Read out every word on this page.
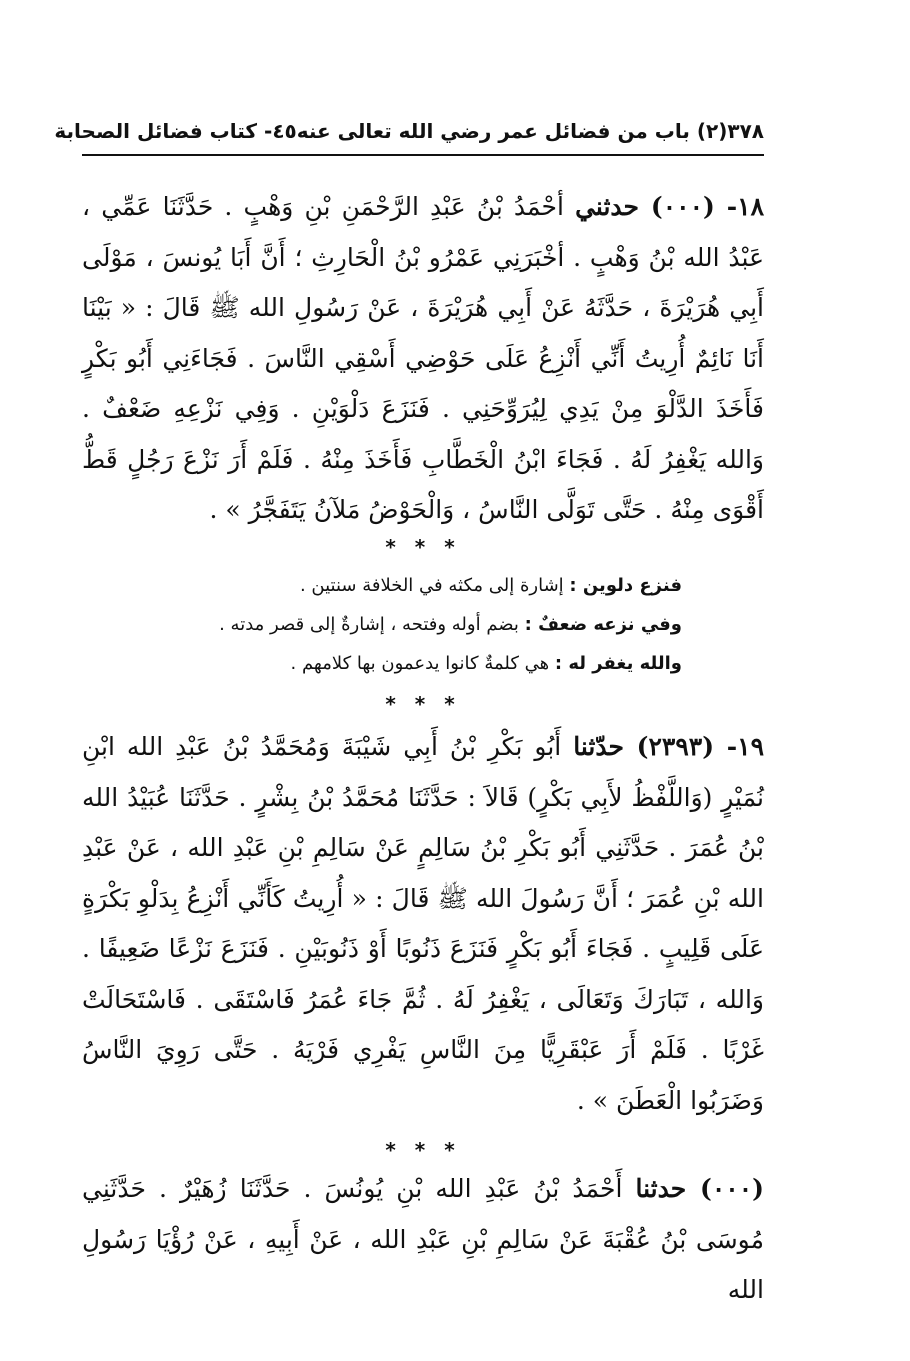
٣٧٨
(٢) باب من فضائل عمر رضي الله تعالى عنه
٤٥- كتاب فضائل الصحابة
١٨- (٠٠٠) حدثني أحْمَدُ بْنُ عَبْدِ الرَّحْمَنِ بْنِ وَهْبٍ . حَدَّثَنَا عَمِّي ، عَبْدُ الله بْنُ وَهْبٍ . أخْبَرَنِي عَمْرُو بْنُ الْحَارِثِ ؛ أَنَّ أَبَا يُونسَ ، مَوْلَى أَبِي هُرَيْرَةَ ، حَدَّثَهُ عَنْ أَبِي هُرَيْرَةَ ، عَنْ رَسُولِ الله ﷺ قَالَ : « بَيْنَا أَنَا نَائِمٌ أُرِيتُ أَنِّي أَنْزِعُ عَلَى حَوْضِي أَسْقِي النَّاسَ . فَجَاءَنِي أَبُو بَكْرٍ فَأَخَذَ الدَّلْوَ مِنْ يَدِي لِيُرَوِّحَنِي . فَنَزَعَ دَلْوَيْنِ . وَفِي نَزْعِهِ ضَعْفٌ . وَالله يَغْفِرُ لَهُ . فَجَاءَ ابْنُ الْخَطَّابِ فَأَخَذَ مِنْهُ . فَلَمْ أَرَ نَزْعَ رَجُلٍ قَطُّ أَقْوَى مِنْهُ . حَتَّى تَوَلَّى النَّاسُ ، وَالْحَوْضُ مَلآنُ يَتَفَجَّرُ » .
* * *
فنزع دلوين : إشارة إلى مكثه في الخلافة سنتين .
وفي نزعه ضعفٌ : بضم أوله وفتحه ، إشارةٌ إلى قصر مدته .
والله يغفر له : هي كلمةٌ كانوا يدعمون بها كلامهم .
* * *
١٩- (٢٣٩٣) حدّثنا أَبُو بَكْرِ بْنُ أَبِي شَيْبَةَ وَمُحَمَّدُ بْنُ عَبْدِ الله ابْنِ نُمَيْرٍ (وَاللَّفْظُ لأَبِي بَكْرٍ) قَالاَ : حَدَّثَنَا مُحَمَّدُ بْنُ بِشْرٍ . حَدَّثَنَا عُبَيْدُ الله بْنُ عُمَرَ . حَدَّثَنِي أَبُو بَكْرِ بْنُ سَالِمٍ عَنْ سَالِمِ بْنِ عَبْدِ الله ، عَنْ عَبْدِ الله بْنِ عُمَرَ ؛ أَنَّ رَسُولَ الله ﷺ قَالَ : « أُرِيتُ كَأَنِّي أَنْزِعُ بِدَلْوِ بَكْرَةٍ عَلَى قَلِيبٍ . فَجَاءَ أَبُو بَكْرٍ فَنَزَعَ ذَنُوبًا أَوْ ذَنُوبَيْنِ . فَنَزَعَ نَزْعًا ضَعِيفًا . وَالله ، تَبَارَكَ وَتَعَالَى ، يَغْفِرُ لَهُ . ثُمَّ جَاءَ عُمَرُ فَاسْتَقَى . فَاسْتَحَالَتْ غَرْبًا . فَلَمْ أَرَ عَبْقَرِيًّا مِنَ النَّاسِ يَفْرِي فَرْيَهُ . حَتَّى رَوِيَ النَّاسُ وَضَرَبُوا الْعَطَنَ » .
* * *
(٠٠٠) حدثنا أَحْمَدُ بْنُ عَبْدِ الله بْنِ يُونُسَ . حَدَّثَنَا زُهَيْرٌ . حَدَّثَنِي مُوسَى بْنُ عُقْبَةَ عَنْ سَالِمِ بْنِ عَبْدِ الله ، عَنْ أَبِيهِ ، عَنْ رُؤْيَا رَسُولِ الله
